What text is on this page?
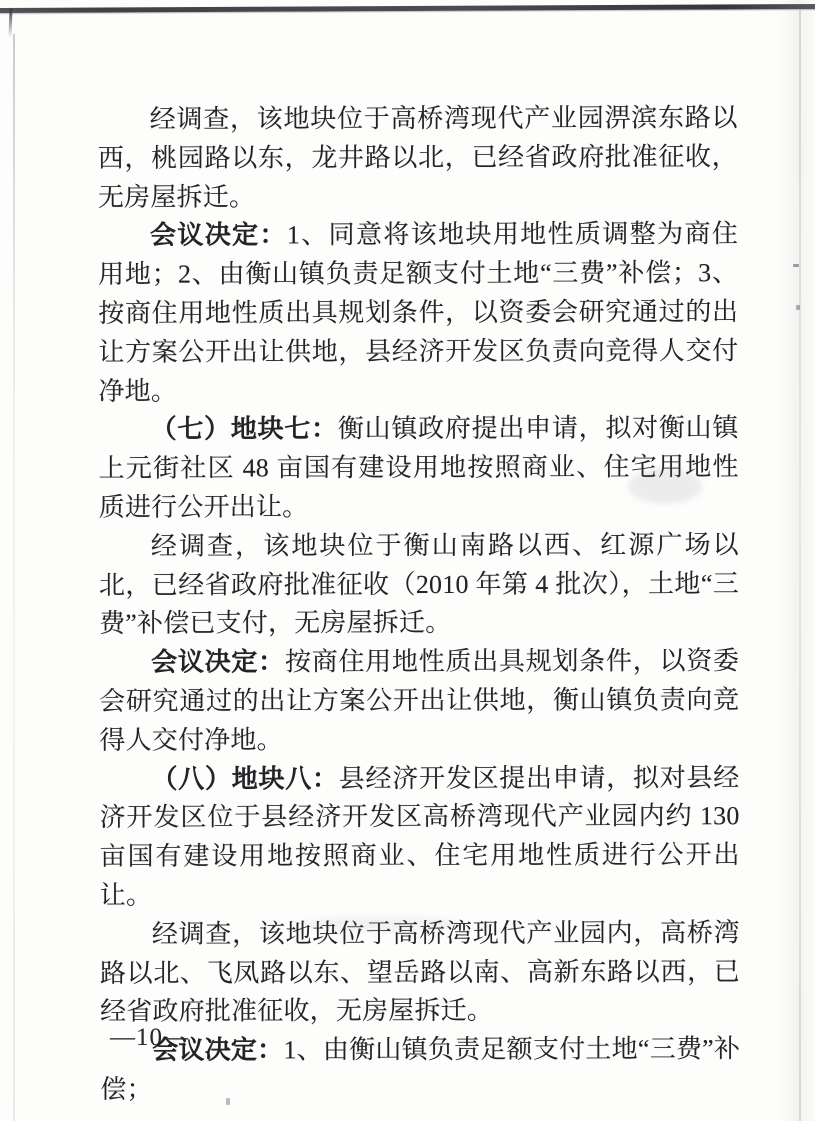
经调查，该地块位于高桥湾现代产业园淠滨东路以西，桃园路以东，龙井路以北，已经省政府批准征收，无房屋拆迁。

会议决定：1、同意将该地块用地性质调整为商住用地；2、由衡山镇负责足额支付土地“三费”补偿；3、按商住用地性质出具规划条件，以资委会研究通过的出让方案公开出让供地，县经济开发区负责向竞得人交付净地。

（七）地块七：衡山镇政府提出申请，拟对衡山镇上元街社区 48 亩国有建设用地按照商业、住宅用地性质进行公开出让。

经调查，该地块位于衡山南路以西、红源广场以北，已经省政府批准征收（2010 年第 4 批次），土地“三费”补偿已支付，无房屋拆迁。

会议决定：按商住用地性质出具规划条件，以资委会研究通过的出让方案公开出让供地，衡山镇负责向竞得人交付净地。

（八）地块八：县经济开发区提出申请，拟对县经济开发区位于县经济开发区高桥湾现代产业园内约 130 亩国有建设用地按照商业、住宅用地性质进行公开出让。

经调查，该地块位于高桥湾现代产业园内，高桥湾路以北、飞凤路以东、望岳路以南、高新东路以西，已经省政府批准征收，无房屋拆迁。

会议决定：1、由衡山镇负责足额支付土地“三费”补偿；

—10—
